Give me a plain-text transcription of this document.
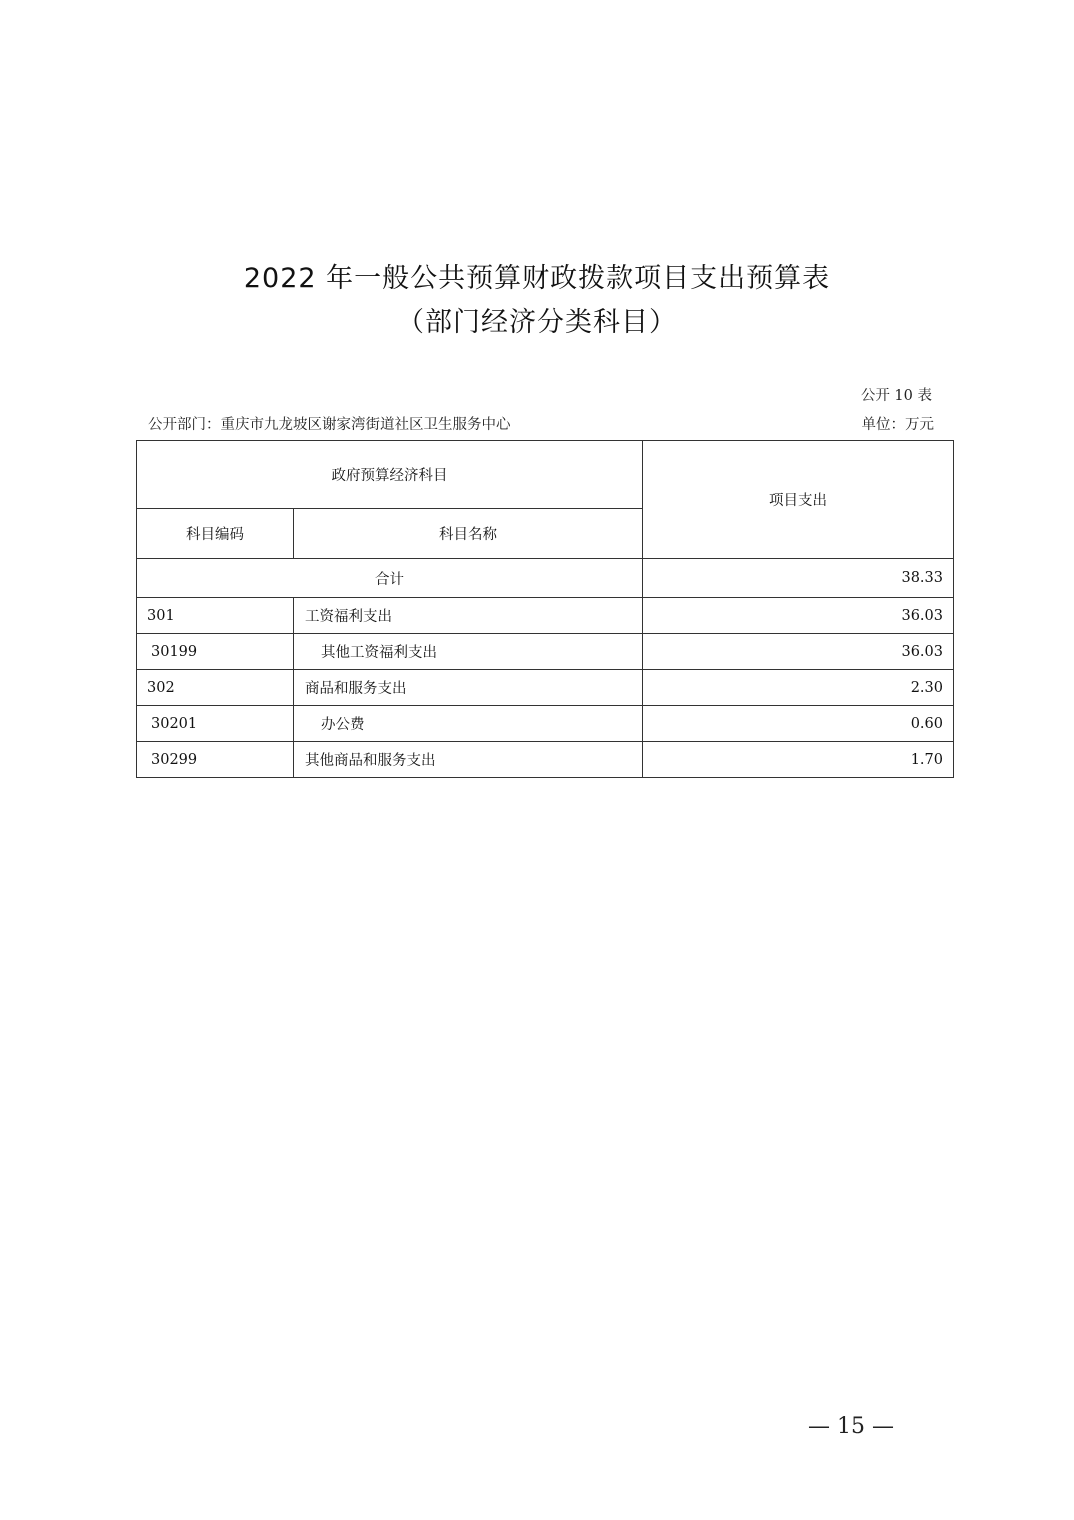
2022 年一般公共预算财政拨款项目支出预算表
（部门经济分类科目）
公开 10 表
公开部门：重庆市九龙坡区谢家湾街道社区卫生服务中心	单位：万元
政府预算经济科目		项目支出
科目编码	科目名称	
合计		38.33
301	工资福利支出	36.03
30199	其他工资福利支出	36.03
302	商品和服务支出	2.30
30201	办公费	0.60
30299	其他商品和服务支出	1.70
— 15 —
